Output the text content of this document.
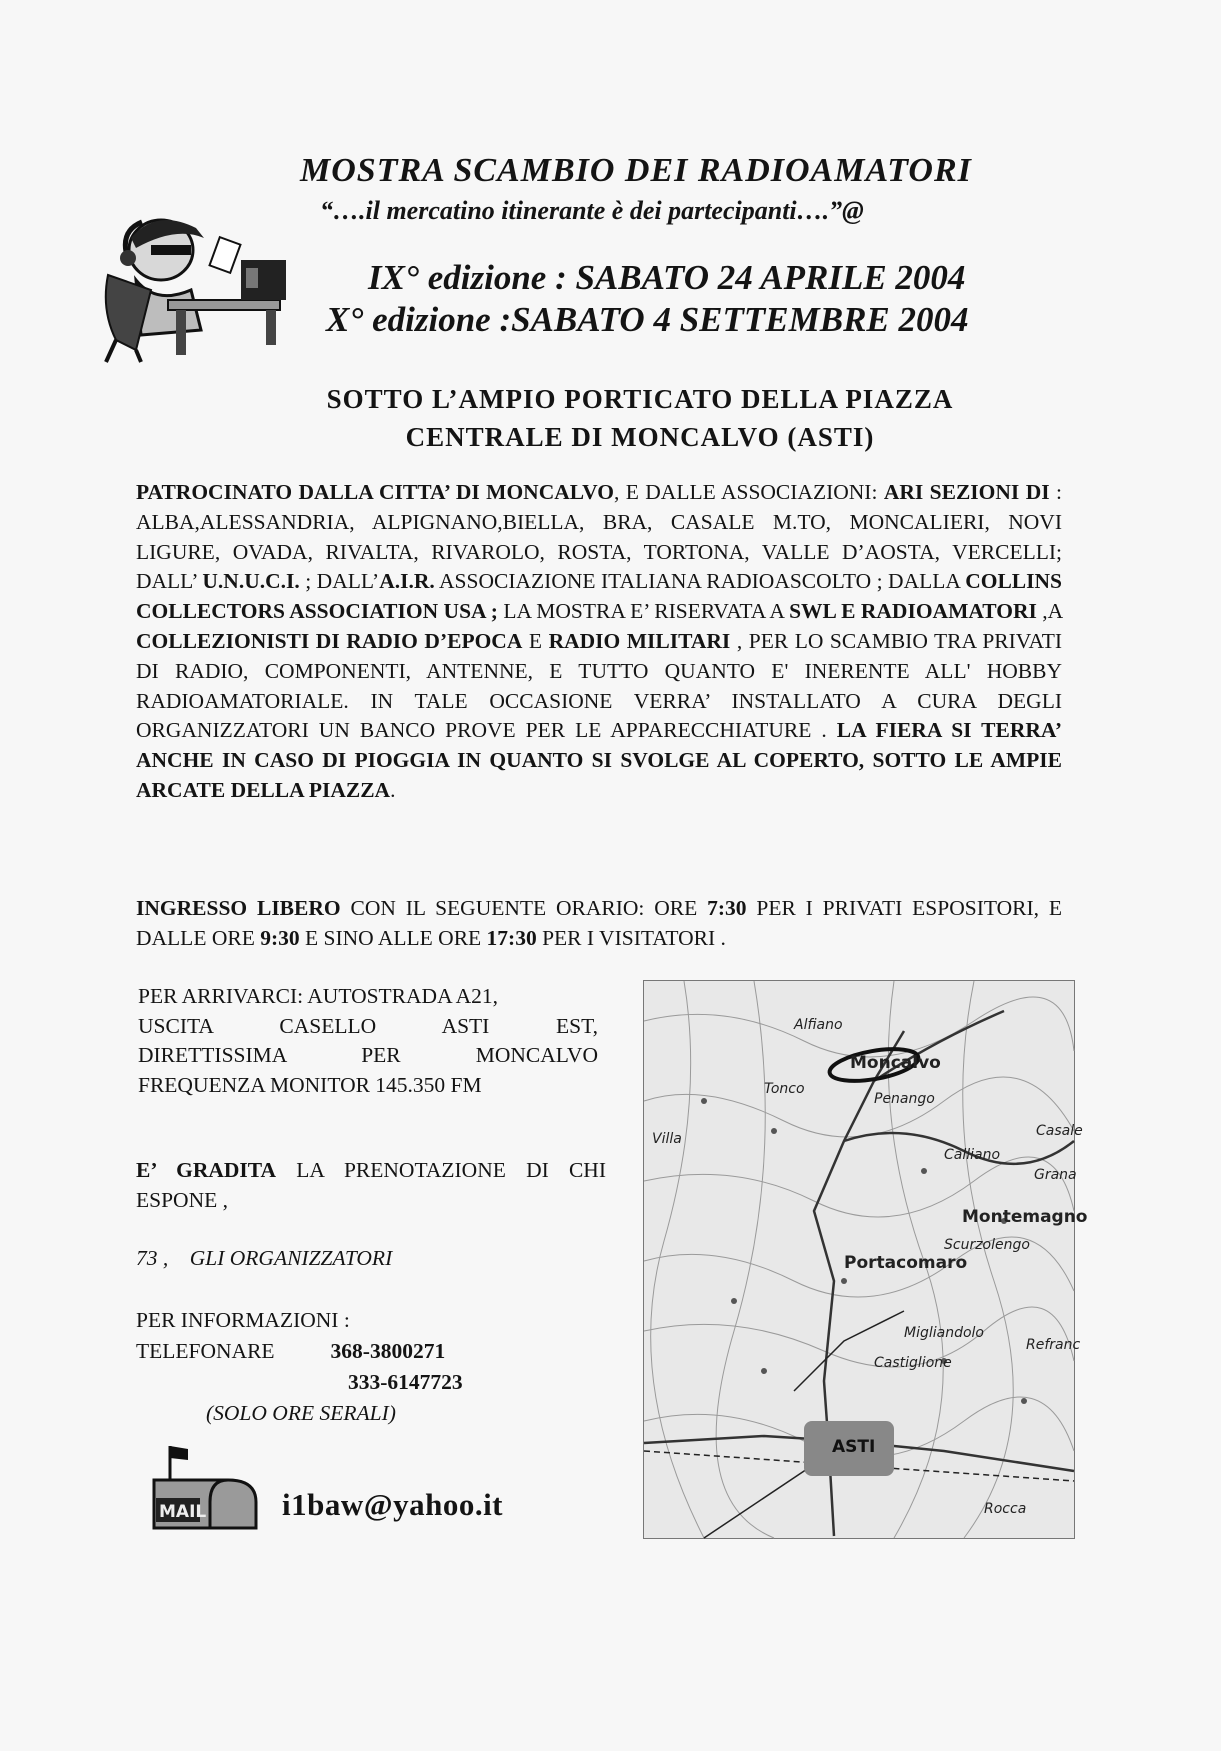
MOSTRA SCAMBIO DEI RADIOAMATORI
“….il mercatino itinerante è dei partecipanti….”@
IX° edizione : SABATO 24 APRILE 2004
X° edizione :SABATO 4 SETTEMBRE 2004
SOTTO L’AMPIO PORTICATO DELLA PIAZZA
CENTRALE DI MONCALVO (ASTI)
PATROCINATO DALLA CITTA’ DI MONCALVO, E DALLE ASSOCIAZIONI: ARI SEZIONI DI : ALBA,ALESSANDRIA, ALPIGNANO,BIELLA, BRA, CASALE M.TO, MONCALIERI, NOVI LIGURE, OVADA, RIVALTA, RIVAROLO, ROSTA, TORTONA, VALLE D’AOSTA, VERCELLI; DALL’ U.N.U.C.I. ; DALL’A.I.R. ASSOCIAZIONE ITALIANA RADIOASCOLTO ; DALLA COLLINS COLLECTORS ASSOCIATION USA ; LA MOSTRA E’ RISERVATA A SWL E RADIOAMATORI ,A COLLEZIONISTI DI RADIO D’EPOCA E RADIO MILITARI , PER LO SCAMBIO TRA PRIVATI DI RADIO, COMPONENTI, ANTENNE, E TUTTO QUANTO E' INERENTE ALL' HOBBY RADIOAMATORIALE. IN TALE OCCASIONE VERRA’ INSTALLATO A CURA DEGLI ORGANIZZATORI UN BANCO PROVE PER LE APPARECCHIATURE . LA FIERA SI TERRA’ ANCHE IN CASO DI PIOGGIA IN QUANTO SI SVOLGE AL COPERTO, SOTTO LE AMPIE ARCATE DELLA PIAZZA.
INGRESSO LIBERO CON IL SEGUENTE ORARIO: ORE 7:30 PER I PRIVATI ESPOSITORI, E DALLE ORE 9:30 E SINO ALLE ORE 17:30 PER I VISITATORI .
PER ARRIVARCI: AUTOSTRADA A21,
USCITA CASELLO ASTI EST,
DIRETTISSIMA PER MONCALVO
FREQUENZA MONITOR 145.350 FM
E’ GRADITA LA PRENOTAZIONE DI CHI ESPONE ,
73 , GLI ORGANIZZATORI
PER INFORMAZIONI :
TELEFONARE	368-3800271
333-6147723
(SOLO ORE SERALI)
MAIL i1baw@yahoo.it
Moncalvo
ASTI
Portacomaro
Montemagno
Tonco
Penango
Calliano
Grana
Alfiano
Rocca
Refranc
Castiglione
Migliandolo
Scurzolengo
Casale
Villa
